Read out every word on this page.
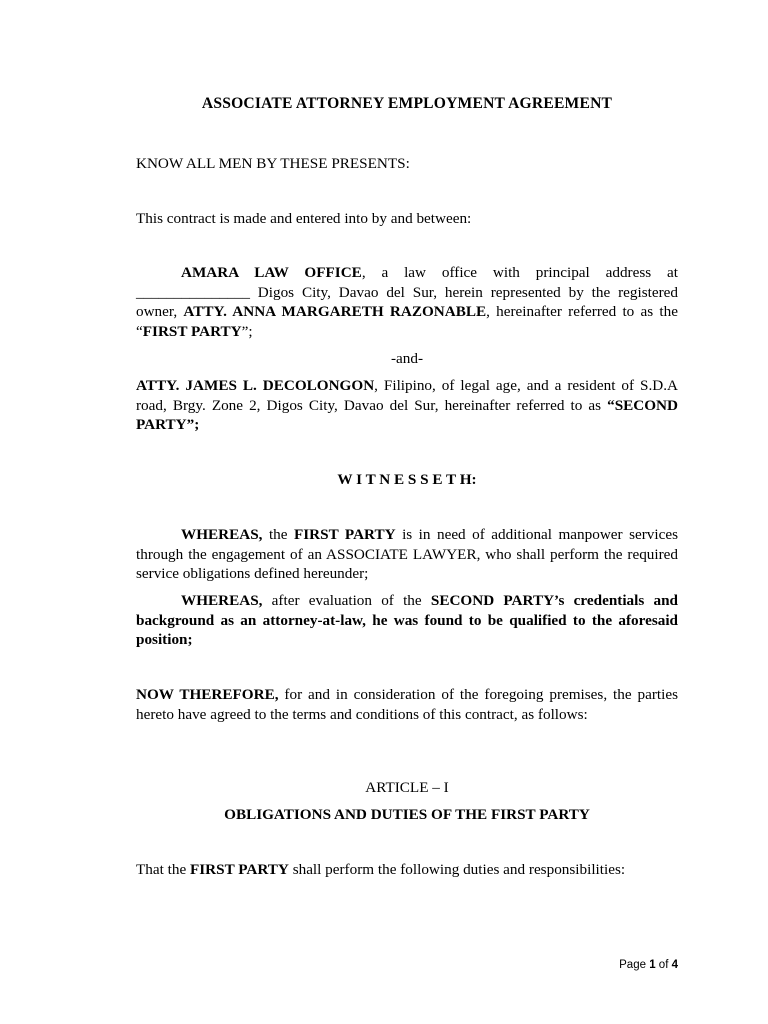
ASSOCIATE ATTORNEY EMPLOYMENT AGREEMENT

KNOW ALL MEN BY THESE PRESENTS:

This contract is made and entered into by and between:

AMARA LAW OFFICE, a law office with principal address at _______________ Digos City, Davao del Sur, herein represented by the registered owner, ATTY. ANNA MARGARETH RAZONABLE, hereinafter referred to as the “FIRST PARTY”;

-and-

ATTY. JAMES L. DECOLONGON, Filipino, of legal age, and a resident of S.D.A road, Brgy. Zone 2, Digos City, Davao del Sur, hereinafter referred to as “SECOND PARTY”;

W I T N E S S E T H:

WHEREAS, the FIRST PARTY is in need of additional manpower services through the engagement of an ASSOCIATE LAWYER, who shall perform the required service obligations defined hereunder;

WHEREAS, after evaluation of the SECOND PARTY’s credentials and background as an attorney-at-law, he was found to be qualified to the aforesaid position;

NOW THEREFORE, for and in consideration of the foregoing premises, the parties hereto have agreed to the terms and conditions of this contract, as follows:

ARTICLE – I

OBLIGATIONS AND DUTIES OF THE FIRST PARTY

That the FIRST PARTY shall perform the following duties and responsibilities:

Page 1 of 4
